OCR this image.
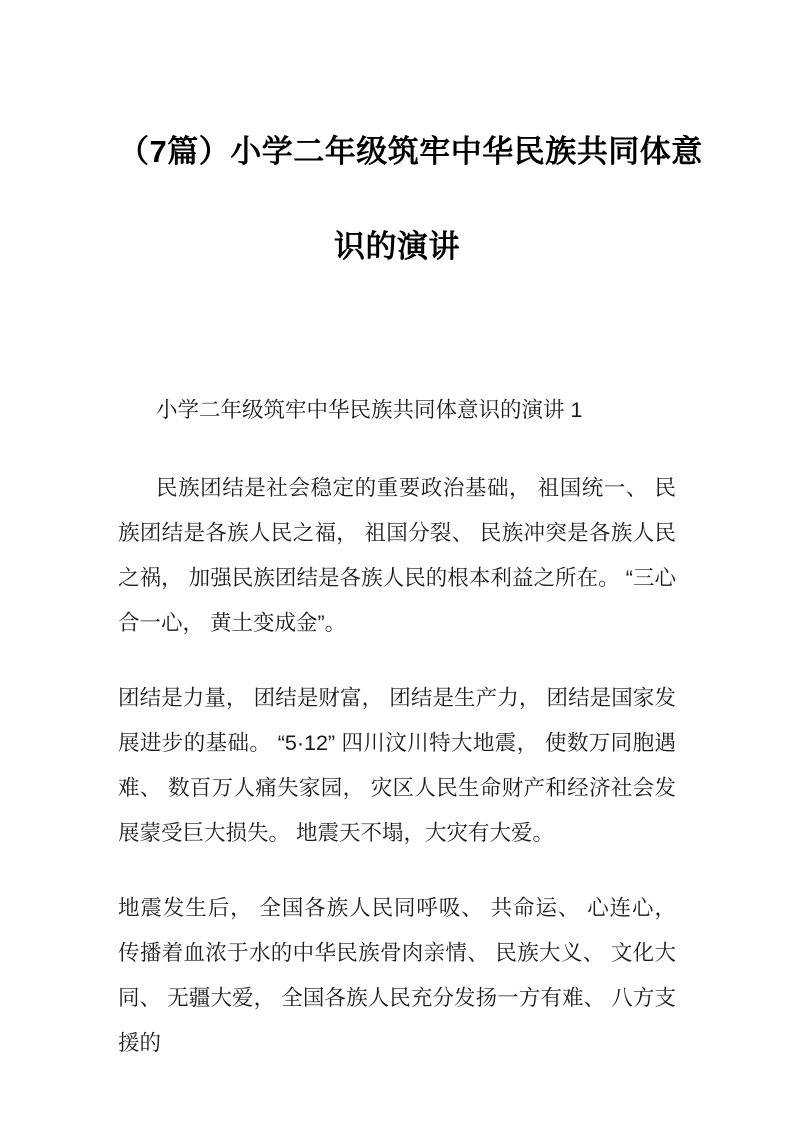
（7篇）小学二年级筑牢中华民族共同体意
识的演讲

小学二年级筑牢中华民族共同体意识的演讲 1

民族团结是社会稳定的重要政治基础， 祖国统一、 民族团结是各族人民之福， 祖国分裂、 民族冲突是各族人民之祸， 加强民族团结是各族人民的根本利益之所在。 “三心合一心， 黄土变成金”。

团结是力量， 团结是财富， 团结是生产力， 团结是国家发展进步的基础。 “5·12” 四川汶川特大地震， 使数万同胞遇难、 数百万人痛失家园， 灾区人民生命财产和经济社会发展蒙受巨大损失。 地震天不塌，大灾有大爱。

地震发生后， 全国各族人民同呼吸、 共命运、 心连心， 传播着血浓于水的中华民族骨肉亲情、 民族大义、 文化大同、 无疆大爱， 全国各族人民充分发扬一方有难、 八方支援的
